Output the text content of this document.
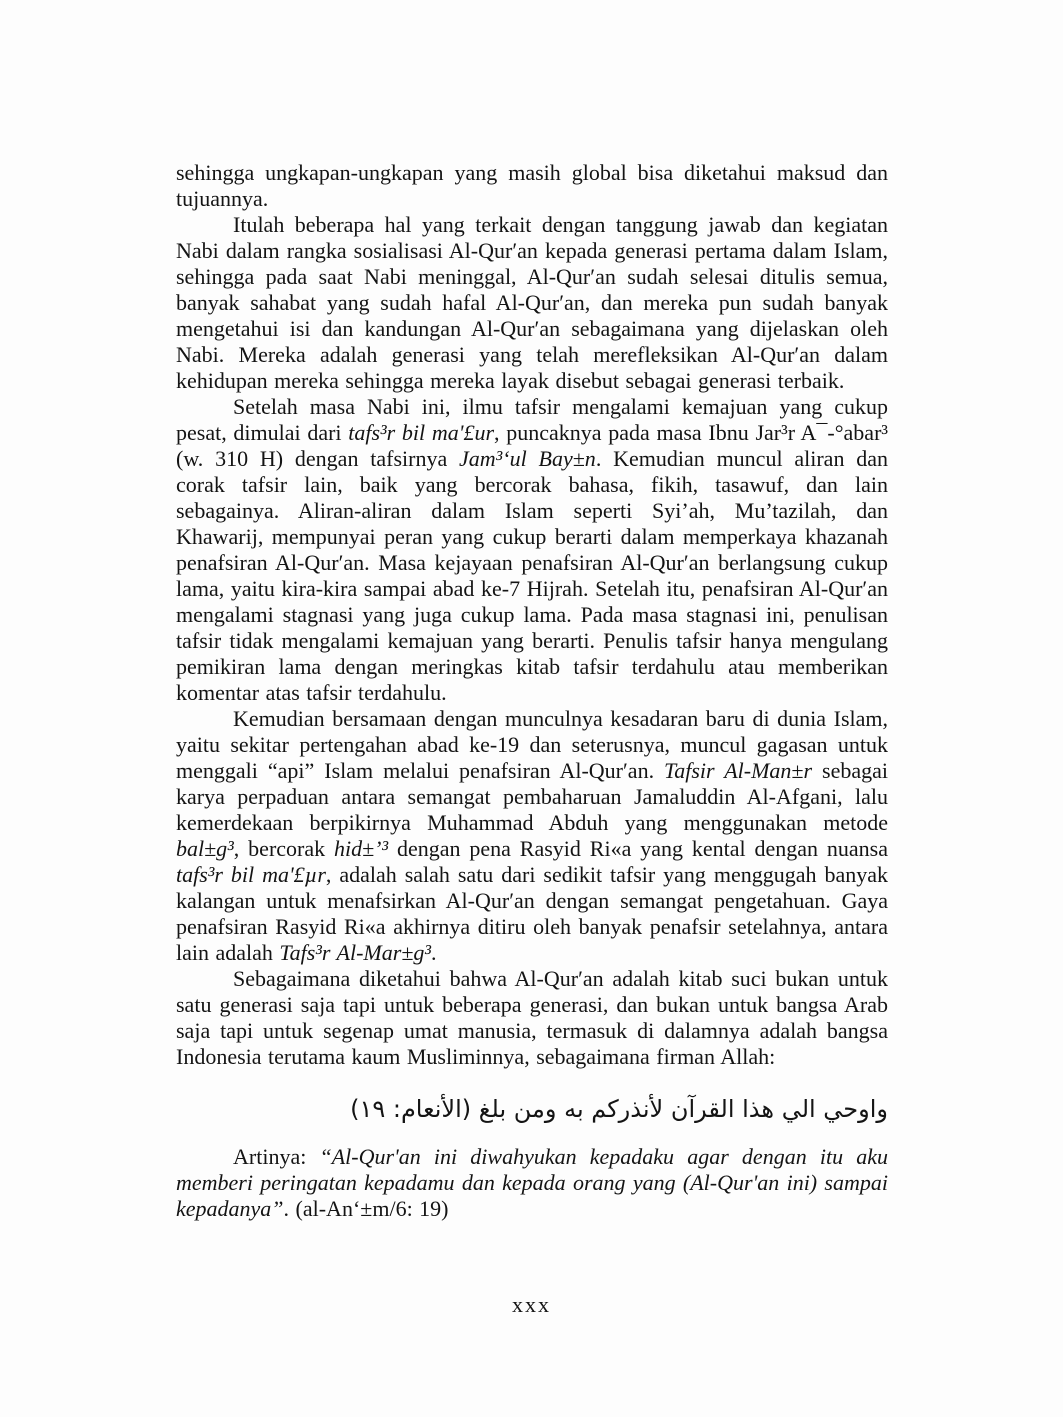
sehingga ungkapan-ungkapan yang masih global bisa diketahui maksud dan tujuannya.

Itulah beberapa hal yang terkait dengan tanggung jawab dan kegiatan Nabi dalam rangka sosialisasi Al-Qur′an kepada generasi pertama dalam Islam, sehingga pada saat Nabi meninggal, Al-Qur′an sudah selesai ditulis semua, banyak sahabat yang sudah hafal Al-Qur′an, dan mereka pun sudah banyak mengetahui isi dan kandungan Al-Qur′an sebagaimana yang dijelaskan oleh Nabi. Mereka adalah generasi yang telah merefleksikan Al-Qur′an dalam kehidupan mereka sehingga mereka layak disebut sebagai generasi terbaik.

Setelah masa Nabi ini, ilmu tafsir mengalami kemajuan yang cukup pesat, dimulai dari tafs³r bil ma'£ur, puncaknya pada masa Ibnu Jar³r A¯-°abar³ (w. 310 H) dengan tafsirnya Jam³‘ul Bay±n. Kemudian muncul aliran dan corak tafsir lain, baik yang bercorak bahasa, fikih, tasawuf, dan lain sebagainya. Aliran-aliran dalam Islam seperti Syi’ah, Mu’tazilah, dan Khawarij, mempunyai peran yang cukup berarti dalam memperkaya khazanah penafsiran Al-Qur′an. Masa kejayaan penafsiran Al-Qur′an berlangsung cukup lama, yaitu kira-kira sampai abad ke-7 Hijrah. Setelah itu, penafsiran Al-Qur′an mengalami stagnasi yang juga cukup lama. Pada masa stagnasi ini, penulisan tafsir tidak mengalami kemajuan yang berarti. Penulis tafsir hanya mengulang pemikiran lama dengan meringkas kitab tafsir terdahulu atau memberikan komentar atas tafsir terdahulu.

Kemudian bersamaan dengan munculnya kesadaran baru di dunia Islam, yaitu sekitar pertengahan abad ke-19 dan seterusnya, muncul gagasan untuk menggali “api” Islam melalui penafsiran Al-Qur′an. Tafsir Al-Man±r sebagai karya perpaduan antara semangat pembaharuan Jamaluddin Al-Afgani, lalu kemerdekaan berpikirnya Muhammad Abduh yang menggunakan metode bal±g³, bercorak hid±’³ dengan pena Rasyid Ri«a yang kental dengan nuansa tafs³r bil ma'£µr, adalah salah satu dari sedikit tafsir yang menggugah banyak kalangan untuk menafsirkan Al-Qur′an dengan semangat pengetahuan. Gaya penafsiran Rasyid Ri«a akhirnya ditiru oleh banyak penafsir setelahnya, antara lain adalah Tafs³r Al-Mar±g³.

Sebagaimana diketahui bahwa Al-Qur′an adalah kitab suci bukan untuk satu generasi saja tapi untuk beberapa generasi, dan bukan untuk bangsa Arab saja tapi untuk segenap umat manusia, termasuk di dalamnya adalah bangsa Indonesia terutama kaum Musliminnya, sebagaimana firman Allah:

واوحي الي هذا القرآن لأنذركم به ومن بلغ (الأنعام: ١٩)

Artinya: “Al-Qur'an ini diwahyukan kepadaku agar dengan itu aku memberi peringatan kepadamu dan kepada orang yang (Al-Qur'an ini) sampai kepadanya”. (al-An‘±m/6: 19)

xxx
